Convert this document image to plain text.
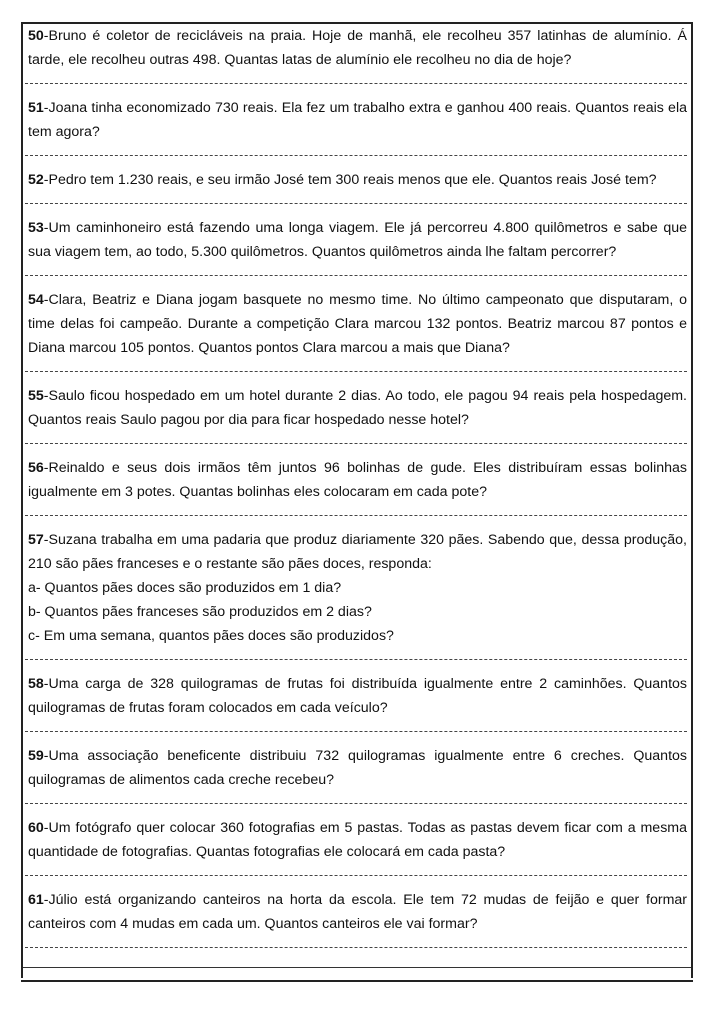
50-Bruno é coletor de recicláveis na praia. Hoje de manhã, ele recolheu 357 latinhas de alumínio. Á tarde, ele recolheu outras 498. Quantas latas de alumínio ele recolheu no dia de hoje?

51-Joana tinha economizado 730 reais. Ela fez um trabalho extra e ganhou 400 reais. Quantos reais ela tem agora?

52-Pedro tem 1.230 reais, e seu irmão José tem 300 reais menos que ele. Quantos reais José tem?

53-Um caminhoneiro está fazendo uma longa viagem. Ele já percorreu 4.800 quilômetros e sabe que sua viagem tem, ao todo, 5.300 quilômetros. Quantos quilômetros ainda lhe faltam percorrer?

54-Clara, Beatriz e Diana jogam basquete no mesmo time. No último campeonato que disputaram, o time delas foi campeão. Durante a competição Clara marcou 132 pontos. Beatriz marcou 87 pontos e Diana marcou 105 pontos. Quantos pontos Clara marcou a mais que Diana?

55-Saulo ficou hospedado em um hotel durante 2 dias. Ao todo, ele pagou 94 reais pela hospedagem. Quantos reais Saulo pagou por dia para ficar hospedado nesse hotel?

56-Reinaldo e seus dois irmãos têm juntos 96 bolinhas de gude. Eles distribuíram essas bolinhas igualmente em 3 potes. Quantas bolinhas eles colocaram em cada pote?

57-Suzana trabalha em uma padaria que produz diariamente 320 pães. Sabendo que, dessa produção, 210 são pães franceses e o restante são pães doces, responda:

a- Quantos pães doces são produzidos em 1 dia?

b- Quantos pães franceses são produzidos em 2 dias?

c- Em uma semana, quantos pães doces são produzidos?

58-Uma carga de 328 quilogramas de frutas foi distribuída igualmente entre 2 caminhões. Quantos quilogramas de frutas foram colocados em cada veículo?

59-Uma associação beneficente distribuiu 732 quilogramas igualmente entre 6 creches. Quantos quilogramas de alimentos cada creche recebeu?

60-Um fotógrafo quer colocar 360 fotografias em 5 pastas. Todas as pastas devem ficar com a mesma quantidade de fotografias. Quantas fotografias ele colocará em cada pasta?

61-Júlio está organizando canteiros na horta da escola. Ele tem 72 mudas de feijão e quer formar canteiros com 4 mudas em cada um. Quantos canteiros ele vai formar?
